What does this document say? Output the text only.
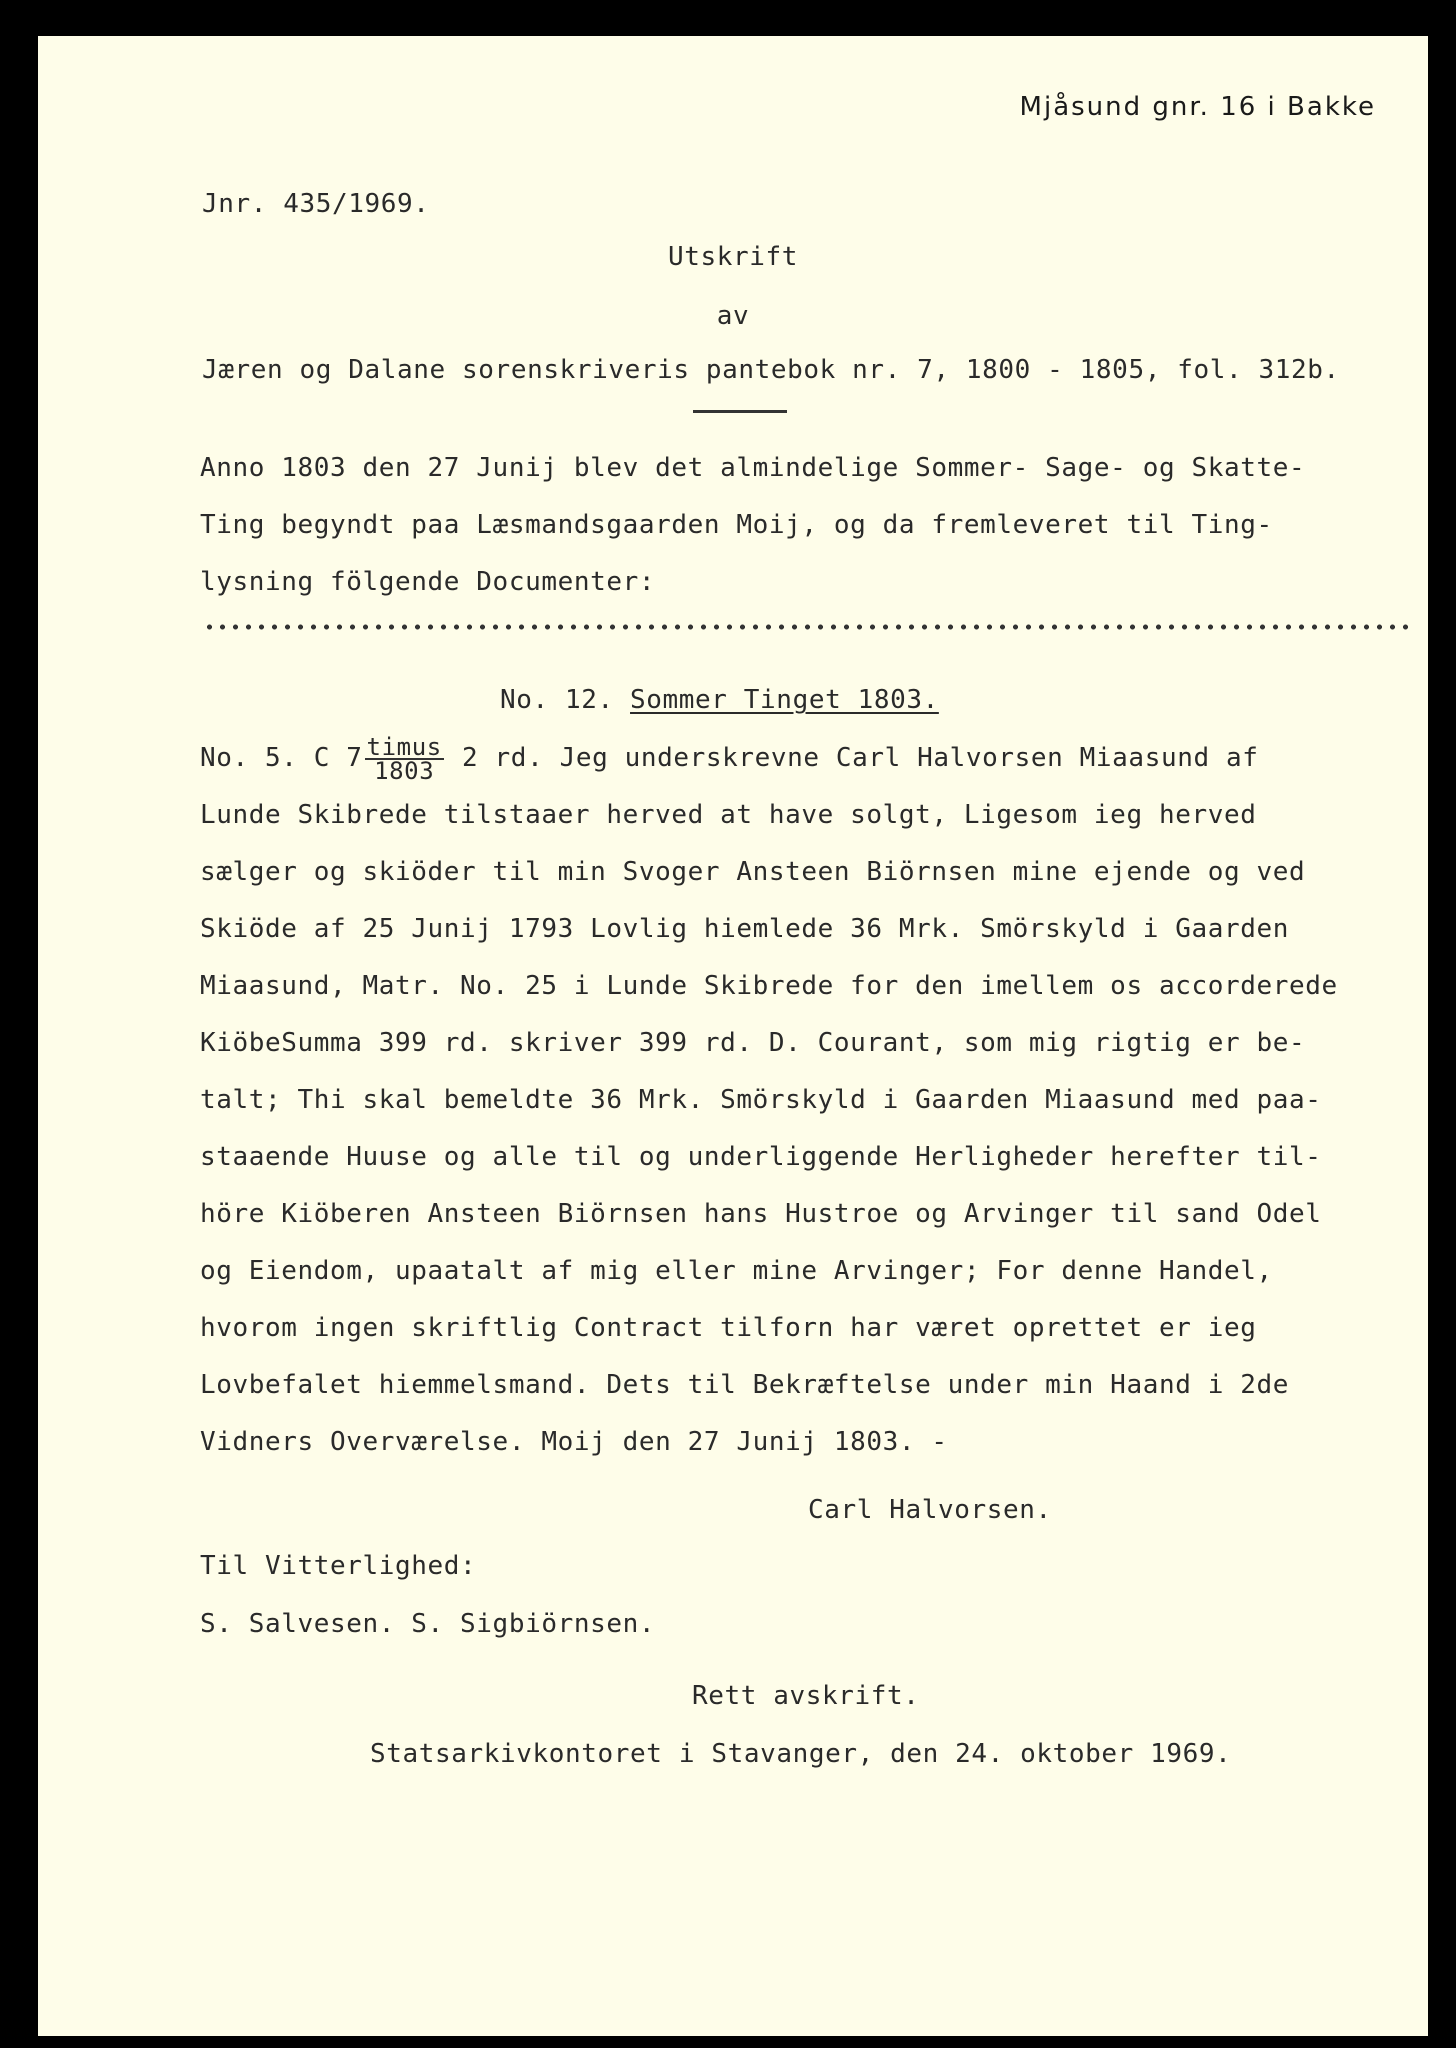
Mjåsund gnr. 16 i Bakke
Jnr. 435/1969.
Utskrift
av
Jæren og Dalane sorenskriveris pantebok nr. 7, 1800 - 1805, fol. 312b.
Anno 1803 den 27 Junij blev det almindelige Sommer- Sage- og Skatte-
Ting begyndt paa Læsmandsgaarden Moij, og da fremleveret til Ting-
lysning fölgende Documenter:
No. 12. Sommer Tinget 1803.
No. 5. C $7 \frac{\text{timus}}{1803} 2$ rd. Jeg underskrevne Carl Halvorsen Miaasund af
Lunde Skibrede tilstaaer herved at have solgt, Ligesom ieg herved
sælger og skiöder til min Svoger Ansteen Biörnsen mine ejende og ved
Skiöde af 25 Junij 1793 Lovlig hiemlede 36 Mrk. Smörskyld i Gaarden
Miaasund, Matr. No. 25 i Lunde Skibrede for den imellem os accorderede
KiöbeSumma 399 rd. skriver 399 rd. D. Courant, som mig rigtig er be-
talt; Thi skal bemeldte 36 Mrk. Smörskyld i Gaarden Miaasund med paa-
staaende Huuse og alle til og underliggende Herligheder herefter til-
höre Kiöberen Ansteen Biörnsen hans Hustroe og Arvinger til sand Odel
og Eiendom, upaatalt af mig eller mine Arvinger; For denne Handel,
hvorom ingen skriftlig Contract tilforn har været oprettet er ieg
Lovbefalet hiemmelsmand. Dets til Bekræftelse under min Haand i 2de
Vidners Overværelse. Moij den 27 Junij 1803. -
Carl Halvorsen.
Til Vitterlighed:
S. Salvesen. S. Sigbiörnsen.
Rett avskrift.
Statsarkivkontoret i Stavanger, den 24. oktober 1969.
